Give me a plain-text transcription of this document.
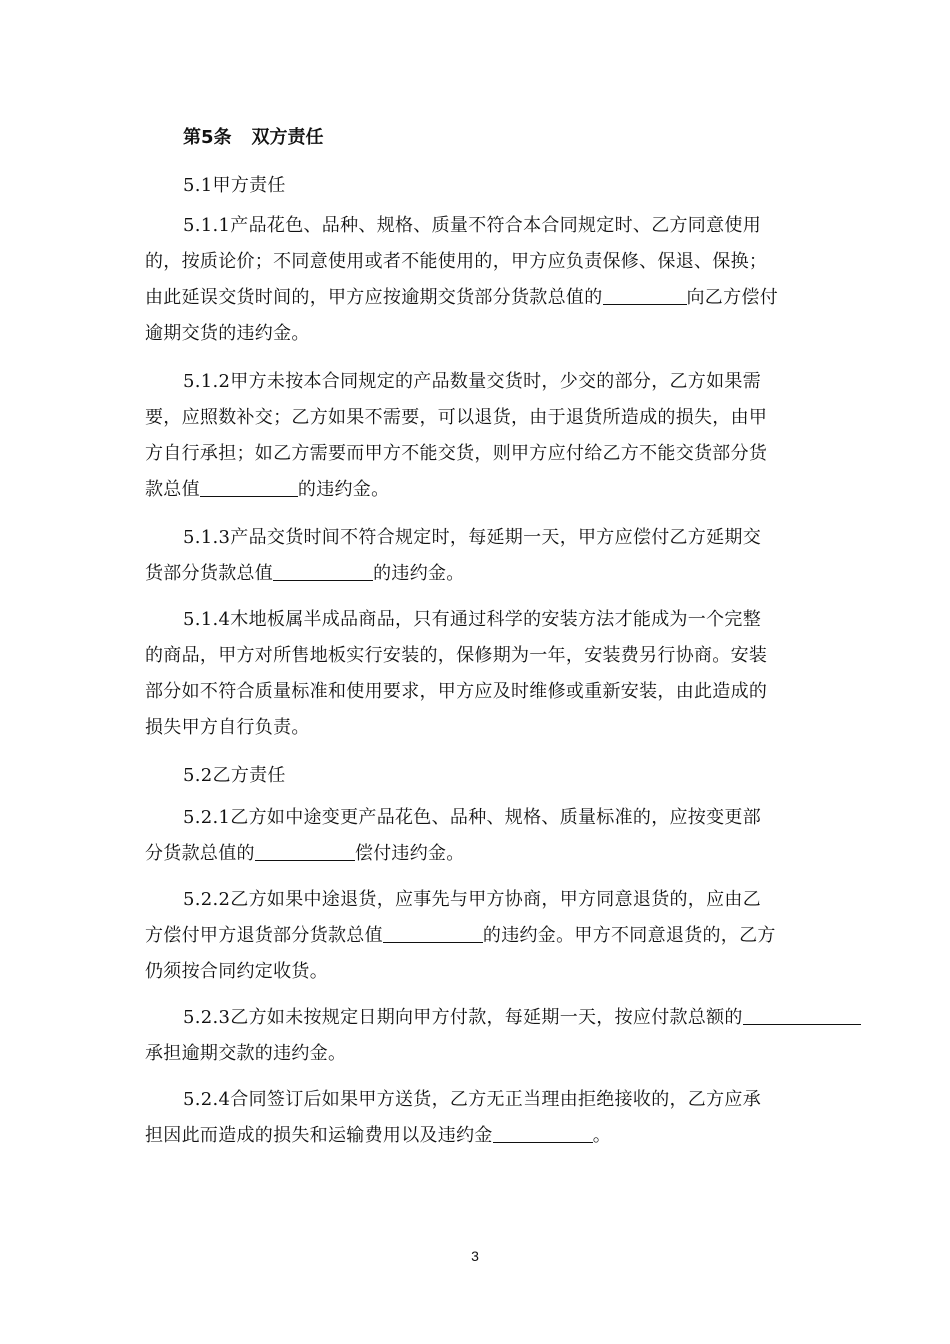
第5条 双方责任
5.1甲方责任
5.1.1产品花色、品种、规格、质量不符合本合同规定时、乙方同意使用
的，按质论价；不同意使用或者不能使用的，甲方应负责保修、保退、保换；
由此延误交货时间的，甲方应按逾期交货部分货款总值的	向乙方偿付
逾期交货的违约金。
5.1.2甲方未按本合同规定的产品数量交货时，少交的部分，乙方如果需
要，应照数补交；乙方如果不需要，可以退货，由于退货所造成的损失，由甲
方自行承担；如乙方需要而甲方不能交货，则甲方应付给乙方不能交货部分货
款总值	的违约金。
5.1.3产品交货时间不符合规定时，每延期一天，甲方应偿付乙方延期交
货部分货款总值	的违约金。
5.1.4木地板属半成品商品，只有通过科学的安装方法才能成为一个完整
的商品，甲方对所售地板实行安装的，保修期为一年，安装费另行协商。安装
部分如不符合质量标准和使用要求，甲方应及时维修或重新安装，由此造成的
损失甲方自行负责。
5.2乙方责任
5.2.1乙方如中途变更产品花色、品种、规格、质量标准的，应按变更部
分货款总值的	偿付违约金。
5.2.2乙方如果中途退货，应事先与甲方协商，甲方同意退货的，应由乙
方偿付甲方退货部分货款总值	的违约金。甲方不同意退货的，乙方
仍须按合同约定收货。
5.2.3乙方如未按规定日期向甲方付款，每延期一天，按应付款总额的
承担逾期交款的违约金。
5.2.4合同签订后如果甲方送货，乙方无正当理由拒绝接收的，乙方应承
担因此而造成的损失和运输费用以及违约金	。
3
